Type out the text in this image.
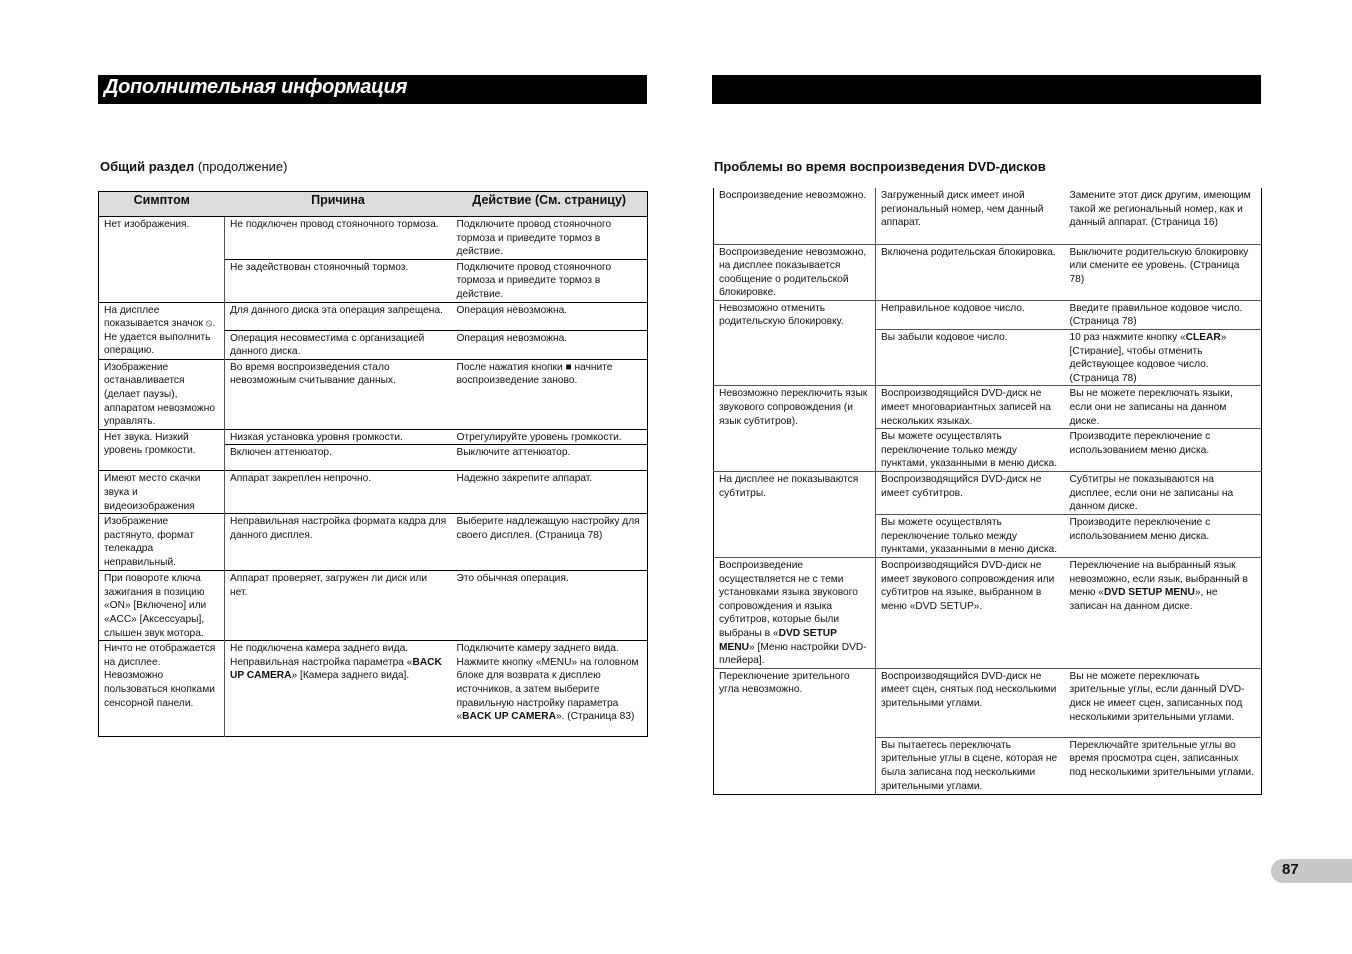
Дополнительная информация
Общий раздел (продолжение)	Проблемы во время воспроизведения DVD-дисков
Симптом	Причина	Действие (См. страницу)
Нет изображения.	Не подключен провод стояночного тормоза.	Подключите провод стояночного тормоза и приведите тормоз в действие.
	Не задействован стояночный тормоз.	Подключите провод стояночного тормоза и приведите тормоз в действие.
На дисплее показывается значок ⦸. Не удается выполнить операцию.	Для данного диска эта операция запрещена.	Операция невозможна.
	Операция несовместима с организацией данного диска.	Операция невозможна.
Изображение останавливается (делает паузы), аппаратом невозможно управлять.	Во время воспроизведения стало невозможным считывание данных.	После нажатия кнопки ■ начните воспроизведение заново.
Нет звука. Низкий уровень громкости.	Низкая установка уровня громкости.	Отрегулируйте уровень громкости.
	Включен аттенюатор.	Выключите аттенюатор.
Имеют место скачки звука и видеоизображения	Аппарат закреплен непрочно.	Надежно закрепите аппарат.
Изображение растянуто, формат телекадра неправильный.	Неправильная настройка формата кадра для данного дисплея.	Выберите надлежащую настройку для своего дисплея. (Страница 78)
При повороте ключа зажигания в позицию «ON» [Включено] или «ACC» [Аксессуары], слышен звук мотора.	Аппарат проверяет, загружен ли диск или нет.	Это обычная операция.
Ничто не отображается на дисплее. Невозможно пользоваться кнопками сенсорной панели.	Не подключена камера заднего вида. Неправильная настройка параметра «BACK UP CAMERA» [Камера заднего вида].	Подключите камеру заднего вида. Нажмите кнопку «MENU» на головном блоке для возврата к дисплею источников, а затем выберите правильную настройку параметра «BACK UP CAMERA». (Страница 83)
Воспроизведение невозможно.	Загруженный диск имеет иной региональный номер, чем данный аппарат.	Замените этот диск другим, имеющим такой же региональный номер, как и данный аппарат. (Страница 16)
Воспроизведение невозможно, на дисплее показывается сообщение о родительской блокировке.	Включена родительская блокировка.	Выключите родительскую блокировку или смените ее уровень. (Страница 78)
Невозможно отменить родительскую блокировку.	Неправильное кодовое число.	Введите правильное кодовое число. (Страница 78)
	Вы забыли кодовое число.	10 раз нажмите кнопку «CLEAR» [Стирание], чтобы отменить действующее кодовое число. (Страница 78)
Невозможно переключить язык звукового сопровождения (и язык субтитров).	Воспроизводящийся DVD-диск не имеет многовариантных записей на нескольких языках.	Вы не можете переключать языки, если они не записаны на данном диске.
	Вы можете осуществлять переключение только между пунктами, указанными в меню диска.	Производите переключение с использованием меню диска.
На дисплее не показываются субтитры.	Воспроизводящийся DVD-диск не имеет субтитров.	Субтитры не показываются на дисплее, если они не записаны на данном диске.
	Вы можете осуществлять переключение только между пунктами, указанными в меню диска.	Производите переключение с использованием меню диска.
Воспроизведение осуществляется не с теми установками языка звукового сопровождения и языка субтитров, которые были выбраны в «DVD SETUP MENU» [Меню настройки DVD-плейера].	Воспроизводящийся DVD-диск не имеет звукового сопровождения или субтитров на языке, выбранном в меню «DVD SETUP».	Переключение на выбранный язык невозможно, если язык, выбранный в меню «DVD SETUP MENU», не записан на данном диске.
Переключение зрительного угла невозможно.	Воспроизводящийся DVD-диск не имеет сцен, снятых под несколькими зрительными углами.	Вы не можете переключать зрительные углы, если данный DVD-диск не имеет сцен, записанных под несколькими зрительными углами.
	Вы пытаетесь переключать зрительные углы в сцене, которая не была записана под несколькими зрительными углами.	Переключайте зрительные углы во время просмотра сцен, записанных под несколькими зрительными углами.
87
